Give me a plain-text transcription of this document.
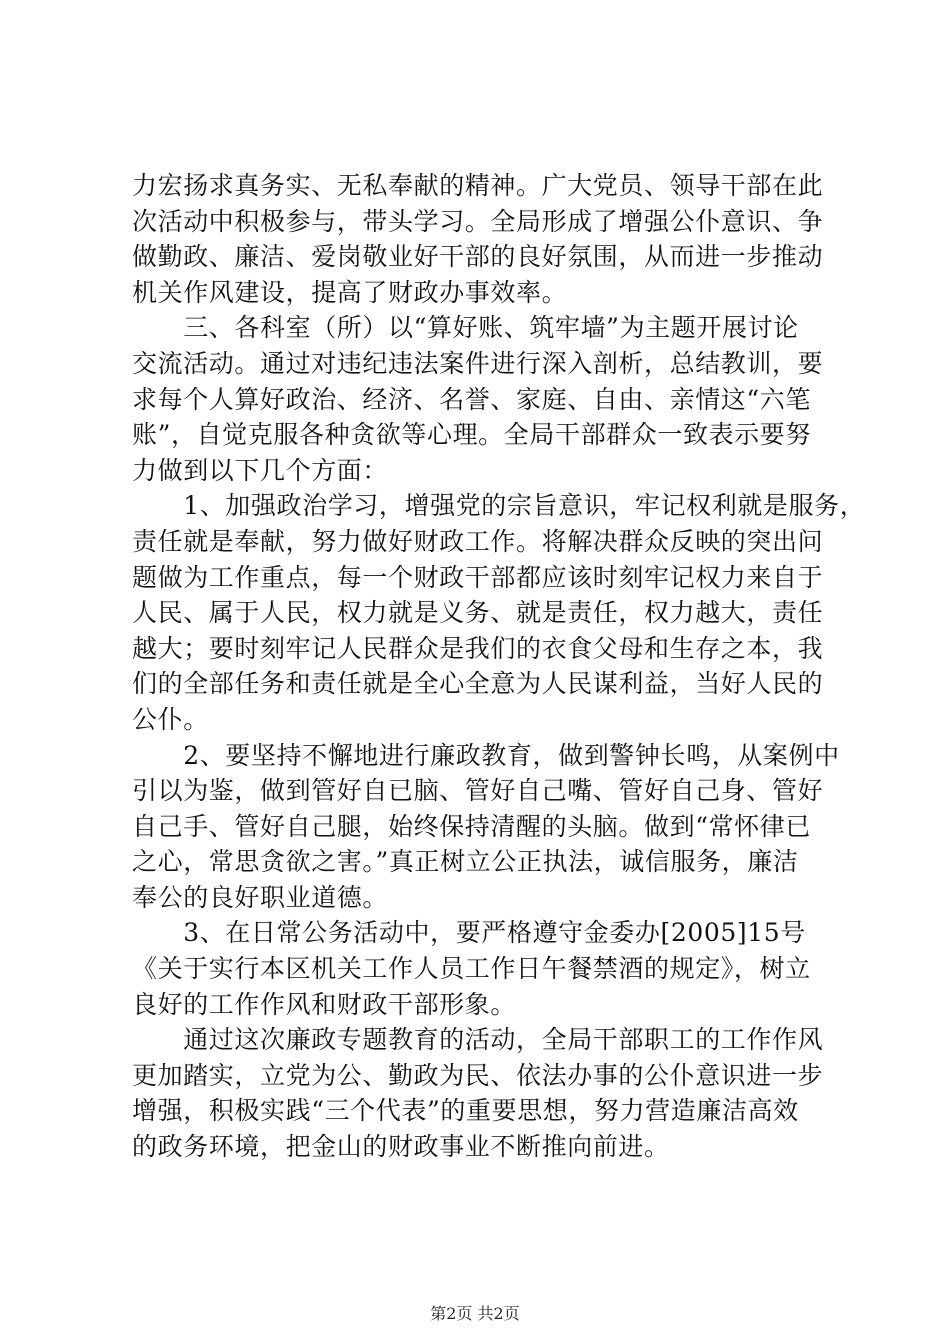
力宏扬求真务实、无私奉献的精神。广大党员、领导干部在此
次活动中积极参与，带头学习。全局形成了增强公仆意识、争
做勤政、廉洁、爱岗敬业好干部的良好氛围，从而进一步推动
机关作风建设，提高了财政办事效率。
　　三、各科室（所）以“算好账、筑牢墙”为主题开展讨论
交流活动。通过对违纪违法案件进行深入剖析，总结教训，要
求每个人算好政治、经济、名誉、家庭、自由、亲情这“六笔
账”，自觉克服各种贪欲等心理。全局干部群众一致表示要努
力做到以下几个方面：
　　1、加强政治学习，增强党的宗旨意识，牢记权利就是服务，
责任就是奉献，努力做好财政工作。将解决群众反映的突出问
题做为工作重点，每一个财政干部都应该时刻牢记权力来自于
人民、属于人民，权力就是义务、就是责任，权力越大，责任
越大；要时刻牢记人民群众是我们的衣食父母和生存之本，我
们的全部任务和责任就是全心全意为人民谋利益，当好人民的
公仆。
　　2、要坚持不懈地进行廉政教育，做到警钟长鸣，从案例中
引以为鉴，做到管好自已脑、管好自己嘴、管好自己身、管好
自己手、管好自己腿，始终保持清醒的头脑。做到“常怀律已
之心，常思贪欲之害。”真正树立公正执法，诚信服务，廉洁
奉公的良好职业道德。
　　3、在日常公务活动中，要严格遵守金委办[2005]15号
《关于实行本区机关工作人员工作日午餐禁酒的规定》，树立
良好的工作作风和财政干部形象。
　　通过这次廉政专题教育的活动，全局干部职工的工作作风
更加踏实，立党为公、勤政为民、依法办事的公仆意识进一步
增强，积极实践“三个代表”的重要思想，努力营造廉洁高效
的政务环境，把金山的财政事业不断推向前进。
第2页 共2页
